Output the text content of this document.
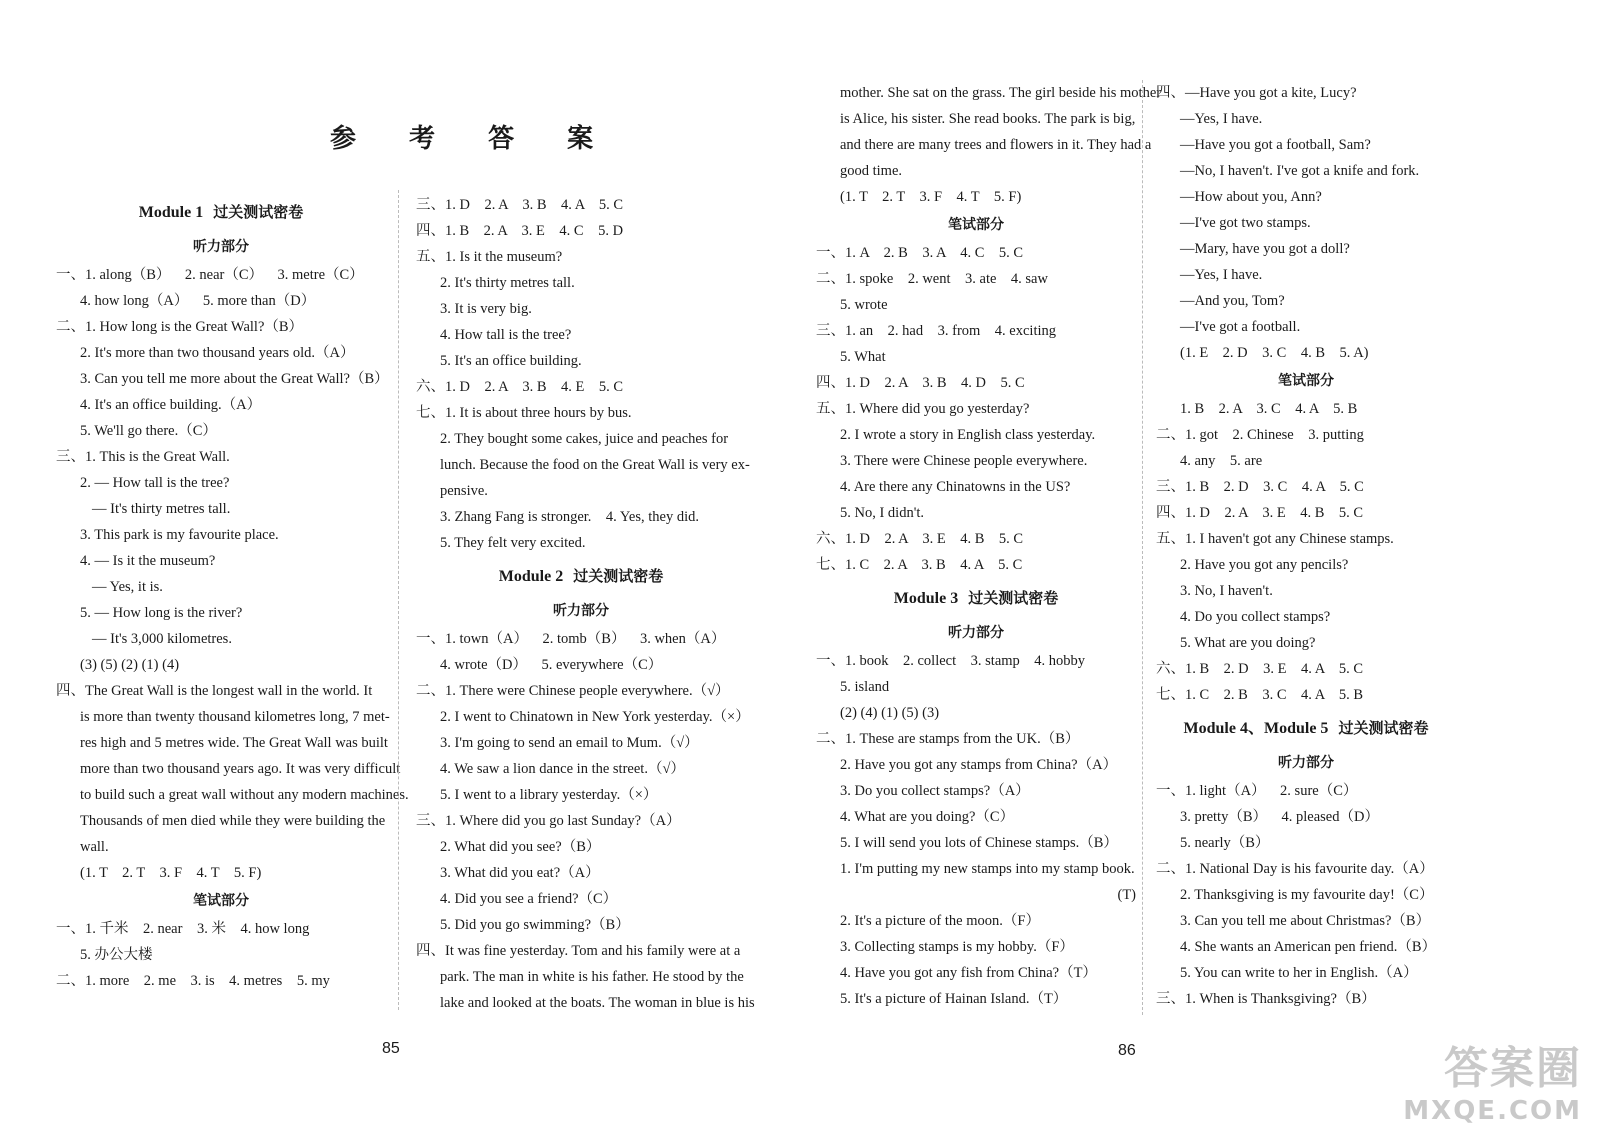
参 考 答 案
Module 1 过关测试密卷
听力部分
一、1. along（B）    2. near（C）    3. metre（C）
4. how long（A）    5. more than（D）
二、1. How long is the Great Wall?（B）
2. It's more than two thousand years old.（A）
3. Can you tell me more about the Great Wall?（B）
4. It's an office building.（A）
5. We'll go there.（C）
三、1. This is the Great Wall.
2. — How tall is the tree?
— It's thirty metres tall.
3. This park is my favourite place.
4. — Is it the museum?
— Yes, it is.
5. — How long is the river?
— It's 3,000 kilometres.
(3) (5) (2) (1) (4)
四、The Great Wall is the longest wall in the world. It
is more than twenty thousand kilometres long, 7 met-
res high and 5 metres wide. The Great Wall was built
more than two thousand years ago. It was very difficult
to build such a great wall without any modern machines.
Thousands of men died while they were building the
wall.
(1. T    2. T    3. F    4. T    5. F)
笔试部分
一、1. 千米    2. near    3. 米    4. how long
5. 办公大楼
二、1. more    2. me    3. is    4. metres    5. my
三、1. D    2. A    3. B    4. A    5. C
四、1. B    2. A    3. E    4. C    5. D
五、1. Is it the museum?
2. It's thirty metres tall.
3. It is very big.
4. How tall is the tree?
5. It's an office building.
六、1. D    2. A    3. B    4. E    5. C
七、1. It is about three hours by bus.
2. They bought some cakes, juice and peaches for
lunch. Because the food on the Great Wall is very ex-
pensive.
3. Zhang Fang is stronger.    4. Yes, they did.
5. They felt very excited.
Module 2 过关测试密卷
听力部分
一、1. town（A）    2. tomb（B）    3. when（A）
4. wrote（D）    5. everywhere（C）
二、1. There were Chinese people everywhere.（√）
2. I went to Chinatown in New York yesterday.（×）
3. I'm going to send an email to Mum.（√）
4. We saw a lion dance in the street.（√）
5. I went to a library yesterday.（×）
三、1. Where did you go last Sunday?（A）
2. What did you see?（B）
3. What did you eat?（A）
4. Did you see a friend?（C）
5. Did you go swimming?（B）
四、It was fine yesterday. Tom and his family were at a
park. The man in white is his father. He stood by the
lake and looked at the boats. The woman in blue is his
85
mother. She sat on the grass. The girl beside his mother
is Alice, his sister. She read books. The park is big,
and there are many trees and flowers in it. They had a
good time.
(1. T    2. T    3. F    4. T    5. F)
笔试部分
一、1. A    2. B    3. A    4. C    5. C
二、1. spoke    2. went    3. ate    4. saw
5. wrote
三、1. an    2. had    3. from    4. exciting
5. What
四、1. D    2. A    3. B    4. D    5. C
五、1. Where did you go yesterday?
2. I wrote a story in English class yesterday.
3. There were Chinese people everywhere.
4. Are there any Chinatowns in the US?
5. No, I didn't.
六、1. D    2. A    3. E    4. B    5. C
七、1. C    2. A    3. B    4. A    5. C
Module 3 过关测试密卷
听力部分
一、1. book    2. collect    3. stamp    4. hobby
5. island
(2) (4) (1) (5) (3)
二、1. These are stamps from the UK.（B）
2. Have you got any stamps from China?（A）
3. Do you collect stamps?（A）
4. What are you doing?（C）
5. I will send you lots of Chinese stamps.（B）
1. I'm putting my new stamps into my stamp book.
(T)
2. It's a picture of the moon.（F）
3. Collecting stamps is my hobby.（F）
4. Have you got any fish from China?（T）
5. It's a picture of Hainan Island.（T）
四、—Have you got a kite, Lucy?
—Yes, I have.
—Have you got a football, Sam?
—No, I haven't. I've got a knife and fork.
—How about you, Ann?
—I've got two stamps.
—Mary, have you got a doll?
—Yes, I have.
—And you, Tom?
—I've got a football.
(1. E    2. D    3. C    4. B    5. A)
笔试部分
1. B    2. A    3. C    4. A    5. B
二、1. got    2. Chinese    3. putting
4. any    5. are
三、1. B    2. D    3. C    4. A    5. C
四、1. D    2. A    3. E    4. B    5. C
五、1. I haven't got any Chinese stamps.
2. Have you got any pencils?
3. No, I haven't.
4. Do you collect stamps?
5. What are you doing?
六、1. B    2. D    3. E    4. A    5. C
七、1. C    2. B    3. C    4. A    5. B
Module 4、Module 5 过关测试密卷
听力部分
一、1. light（A）    2. sure（C）
3. pretty（B）    4. pleased（D）
5. nearly（B）
二、1. National Day is his favourite day.（A）
2. Thanksgiving is my favourite day!（C）
3. Can you tell me about Christmas?（B）
4. She wants an American pen friend.（B）
5. You can write to her in English.（A）
三、1. When is Thanksgiving?（B）
86	答案圈
MXQE.COM
